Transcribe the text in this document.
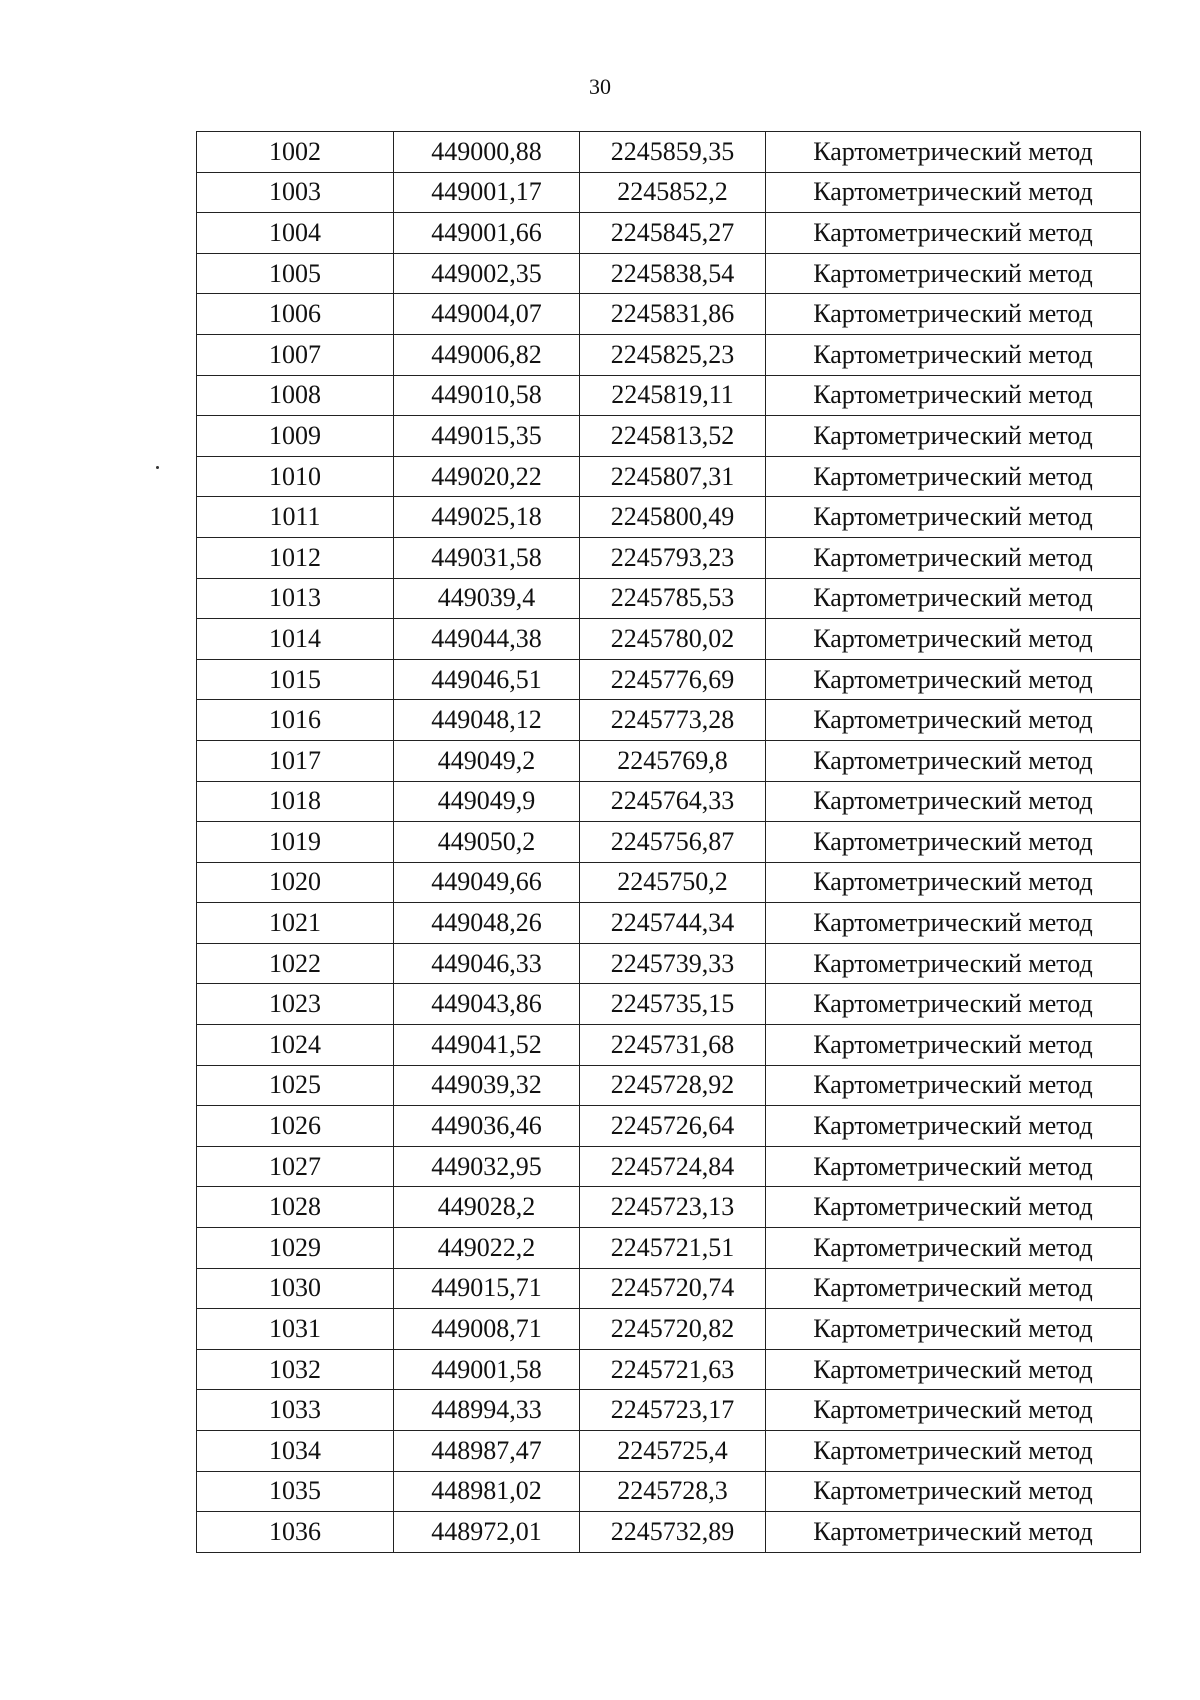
30
1002	449000,88	2245859,35	Картометрический метод
1003	449001,17	2245852,2	Картометрический метод
1004	449001,66	2245845,27	Картометрический метод
1005	449002,35	2245838,54	Картометрический метод
1006	449004,07	2245831,86	Картометрический метод
1007	449006,82	2245825,23	Картометрический метод
1008	449010,58	2245819,11	Картометрический метод
1009	449015,35	2245813,52	Картометрический метод
1010	449020,22	2245807,31	Картометрический метод
1011	449025,18	2245800,49	Картометрический метод
1012	449031,58	2245793,23	Картометрический метод
1013	449039,4	2245785,53	Картометрический метод
1014	449044,38	2245780,02	Картометрический метод
1015	449046,51	2245776,69	Картометрический метод
1016	449048,12	2245773,28	Картометрический метод
1017	449049,2	2245769,8	Картометрический метод
1018	449049,9	2245764,33	Картометрический метод
1019	449050,2	2245756,87	Картометрический метод
1020	449049,66	2245750,2	Картометрический метод
1021	449048,26	2245744,34	Картометрический метод
1022	449046,33	2245739,33	Картометрический метод
1023	449043,86	2245735,15	Картометрический метод
1024	449041,52	2245731,68	Картометрический метод
1025	449039,32	2245728,92	Картометрический метод
1026	449036,46	2245726,64	Картометрический метод
1027	449032,95	2245724,84	Картометрический метод
1028	449028,2	2245723,13	Картометрический метод
1029	449022,2	2245721,51	Картометрический метод
1030	449015,71	2245720,74	Картометрический метод
1031	449008,71	2245720,82	Картометрический метод
1032	449001,58	2245721,63	Картометрический метод
1033	448994,33	2245723,17	Картометрический метод
1034	448987,47	2245725,4	Картометрический метод
1035	448981,02	2245728,3	Картометрический метод
1036	448972,01	2245732,89	Картометрический метод
